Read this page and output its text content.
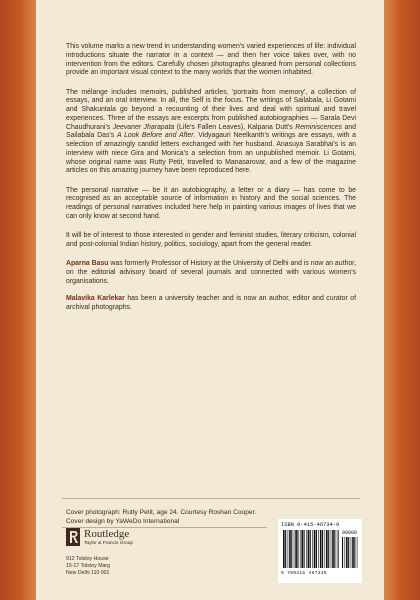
This volume marks a new trend in understanding women's varied experiences of life: individual introductions situate the narrator in a context — and then her voice takes over, with no intervention from the editors. Carefully chosen photographs gleaned from personal collections provide an important visual context to the many worlds that the women inhabited.

The mélange includes memoirs, published articles, 'portraits from memory', a collection of essays, and an oral interview. In all, the Self is the focus. The writings of Sailabala, Li Gotami and Shakuntala go beyond a recounting of their lives and deal with spiritual and travel experiences. Three of the essays are excerpts from published autobiographies — Sarala Devi Chaudhurani's Jeevaner Jharapata (Life's Fallen Leaves), Kalpana Dutt's Reminiscences and Sailabala Das's A Look Before and After. Vidyagauri Neelkanth's writings are essays, with a selection of amazingly candid letters exchanged with her husband. Anasuya Sarabhai's is an interview with niece Gira and Monica's a selection from an unpublished memoir. Li Gotami, whose original name was Rutty Petit, travelled to Manasarovar, and a few of the magazine articles on this amazing journey have been reproduced here.

The personal narrative — be it an autobiography, a letter or a diary — has come to be recognised as an acceptable source of information in history and the social sciences. The readings of personal narratives included here help in painting various images of lives that we can only know at second hand.

It will be of interest to those interested in gender and feminist studies, literary criticism, colonial and post-colonial Indian history, politics, sociology, apart from the general reader.

Aparna Basu was formerly Professor of History at the University of Delhi and is now an author, on the editorial advisory board of several journals and connected with various women's organisations.

Malavika Karlekar has been a university teacher and is now an author, editor and curator of archival photographs.

Cover photograph: Rutty Petit, age 24. Courtesy Roshan Cooper.
Cover design by YaWeDo International
Routledge
Taylor & Francis Group
912 Tolstoy House
15-17 Tolstoy Marg
New Delhi 110 001
ISBN 0-415-46734-9
90000
9 780415 467346
